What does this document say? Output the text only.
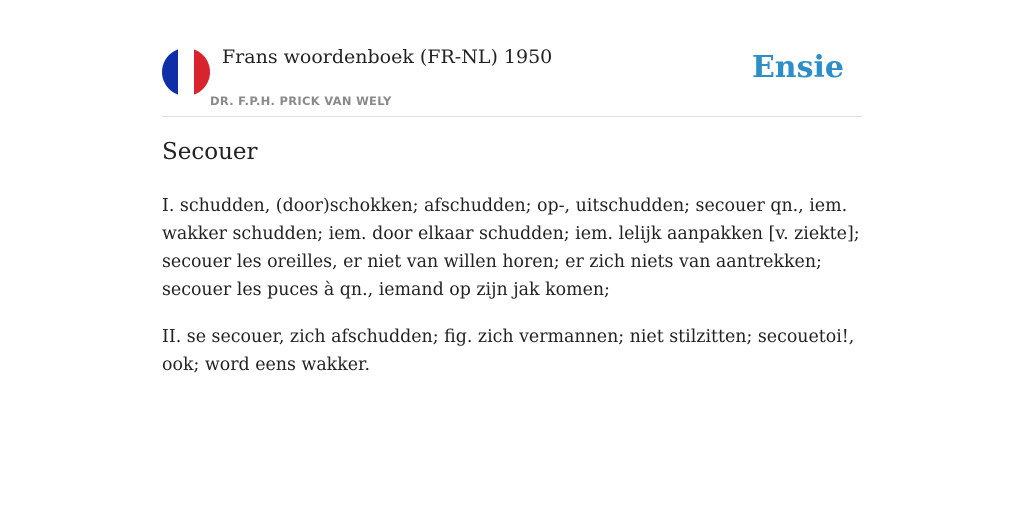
Frans woordenboek (FR-NL) 1950
DR. F.P.H. PRICK VAN WELY
Ensie
Secouer

I. schudden, (door)schokken; afschudden; op-, uitschudden; secouer qn., iem. wakker schudden; iem. door elkaar schudden; iem. lelijk aanpakken [v. ziekte]; secouer les oreilles, er niet van willen horen; er zich niets van aantrekken; secouer les puces à qn., iemand op zijn jak komen;

II. se secouer, zich afschudden; fig. zich vermannen; niet stilzitten; secouetoi!, ook; word eens wakker.
